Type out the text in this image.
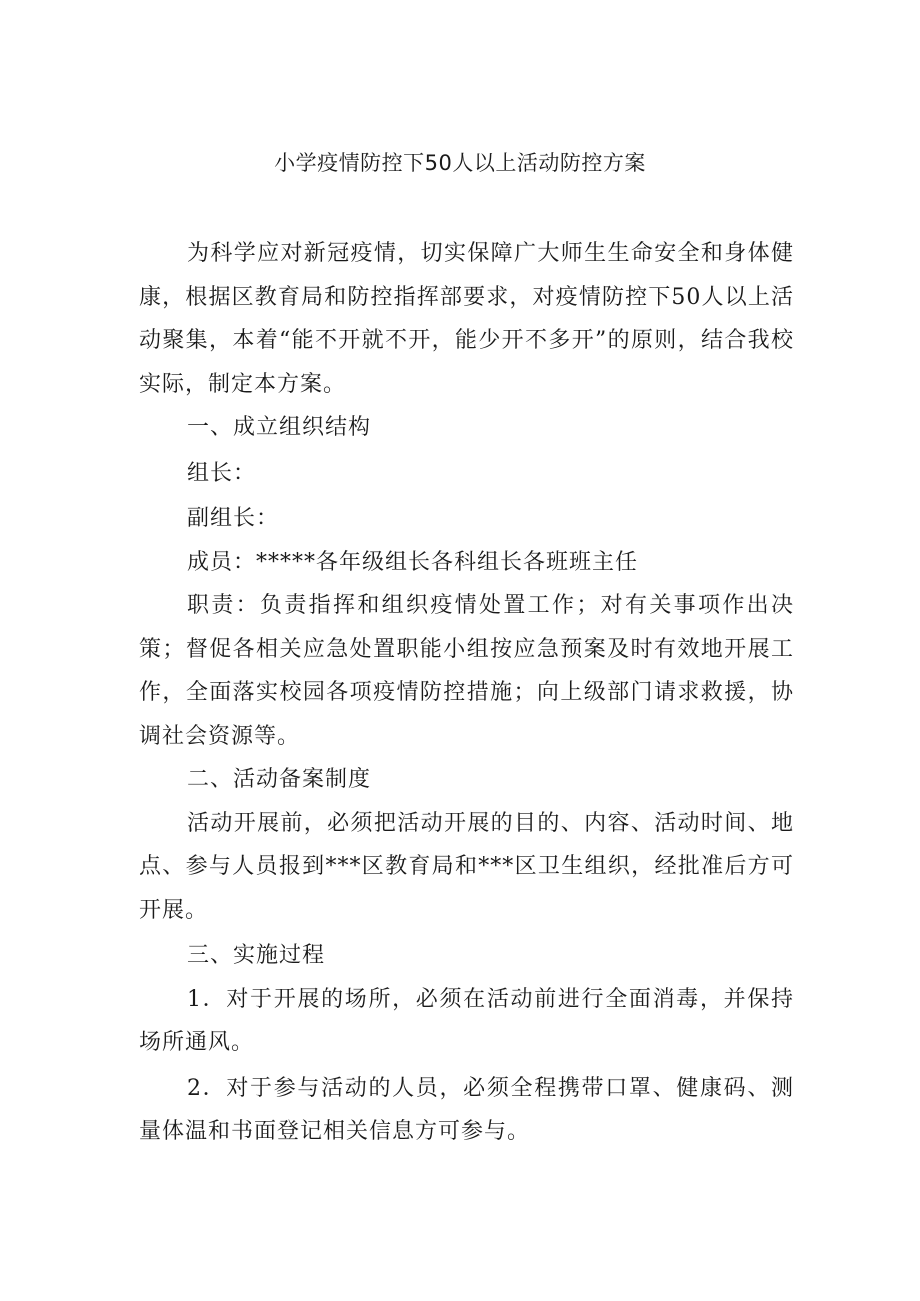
小学疫情防控下50人以上活动防控方案

为科学应对新冠疫情，切实保障广大师生生命安全和身体健康，根据区教育局和防控指挥部要求，对疫情防控下50人以上活动聚集，本着“能不开就不开，能少开不多开”的原则，结合我校实际，制定本方案。

一、成立组织结构

组长：

副组长：

成员：*****各年级组长各科组长各班班主任

职责：负责指挥和组织疫情处置工作；对有关事项作出决策；督促各相关应急处置职能小组按应急预案及时有效地开展工作，全面落实校园各项疫情防控措施；向上级部门请求救援，协调社会资源等。

二、活动备案制度

活动开展前，必须把活动开展的目的、内容、活动时间、地点、参与人员报到***区教育局和***区卫生组织，经批准后方可开展。

三、实施过程

1．对于开展的场所，必须在活动前进行全面消毒，并保持场所通风。

2．对于参与活动的人员，必须全程携带口罩、健康码、测量体温和书面登记相关信息方可参与。
